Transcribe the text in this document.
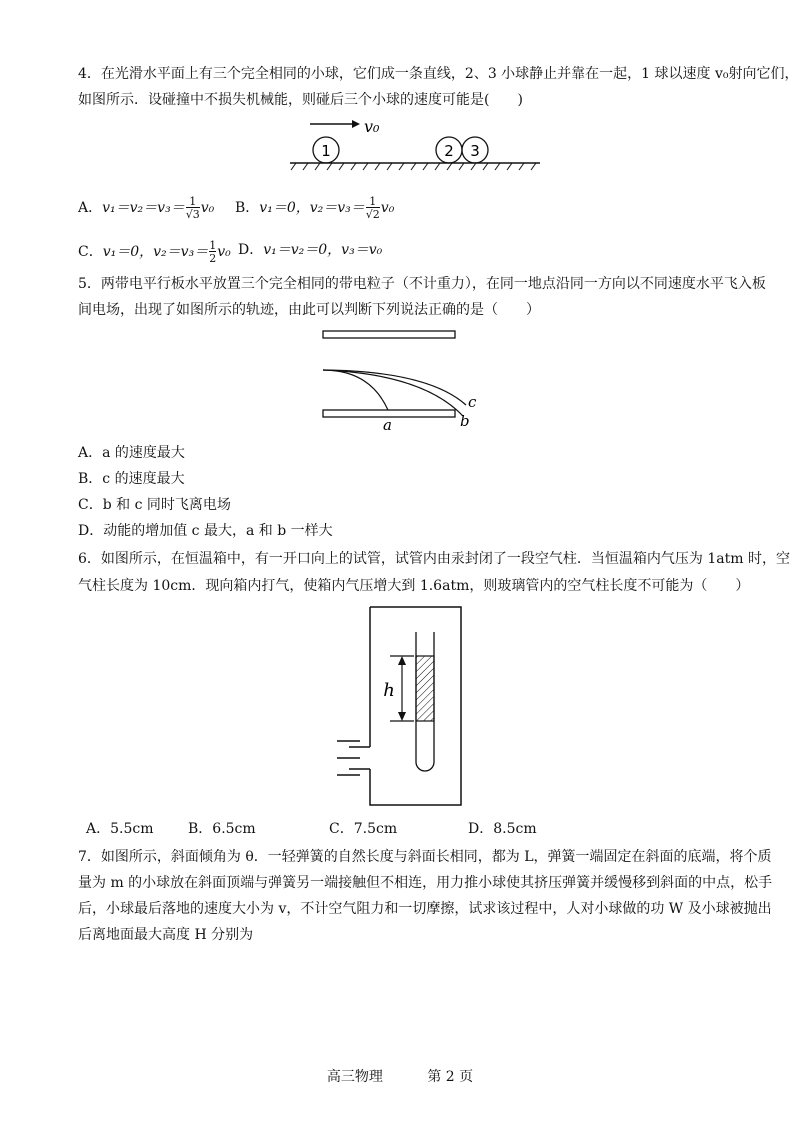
4．在光滑水平面上有三个完全相同的小球，它们成一条直线，2、3 小球静止并靠在一起，1 球以速度 v₀射向它们，
如图所示．设碰撞中不损失机械能，则碰后三个小球的速度可能是(　　)
v₀
1	2 3
A．$v_1=v_2=v_3= \frac{1}{√3} v_0$ B．v₁＝0，$v_2=v_3= \frac{1}{√2} v_0$
C．v₁＝0，$v_2=v_3= \frac{1}{2} v_0$ D．v₁＝v₂＝0，v₃＝v₀
5．两带电平行板水平放置三个完全相同的带电粒子（不计重力），在同一地点沿同一方向以不同速度水平飞入板
间电场，出现了如图所示的轨迹，由此可以判断下列说法正确的是（　　）
a	b
c
A．a 的速度最大
B．c 的速度最大
C．b 和 c 同时飞离电场
D．动能的增加值 c 最大，a 和 b 一样大
6．如图所示，在恒温箱中，有一开口向上的试管，试管内由汞封闭了一段空气柱．当恒温箱内气压为 1atm 时，空
气柱长度为 10cm．现向箱内打气，使箱内气压增大到 1.6atm，则玻璃管内的空气柱长度不可能为（　　）
h
A．5.5cm B．6.5cm	C．7.5cm	D．8.5cm
7．如图所示，斜面倾角为 θ．一轻弹簧的自然长度与斜面长相同，都为 L，弹簧一端固定在斜面的底端，将个质
量为 m 的小球放在斜面顶端与弹簧另一端接触但不相连，用力推小球使其挤压弹簧并缓慢移到斜面的中点，松手
后，小球最后落地的速度大小为 v，不计空气阻力和一切摩擦，试求该过程中，人对小球做的功 W 及小球被抛出
后离地面最大高度 H 分别为
高三物理	第 2 页
